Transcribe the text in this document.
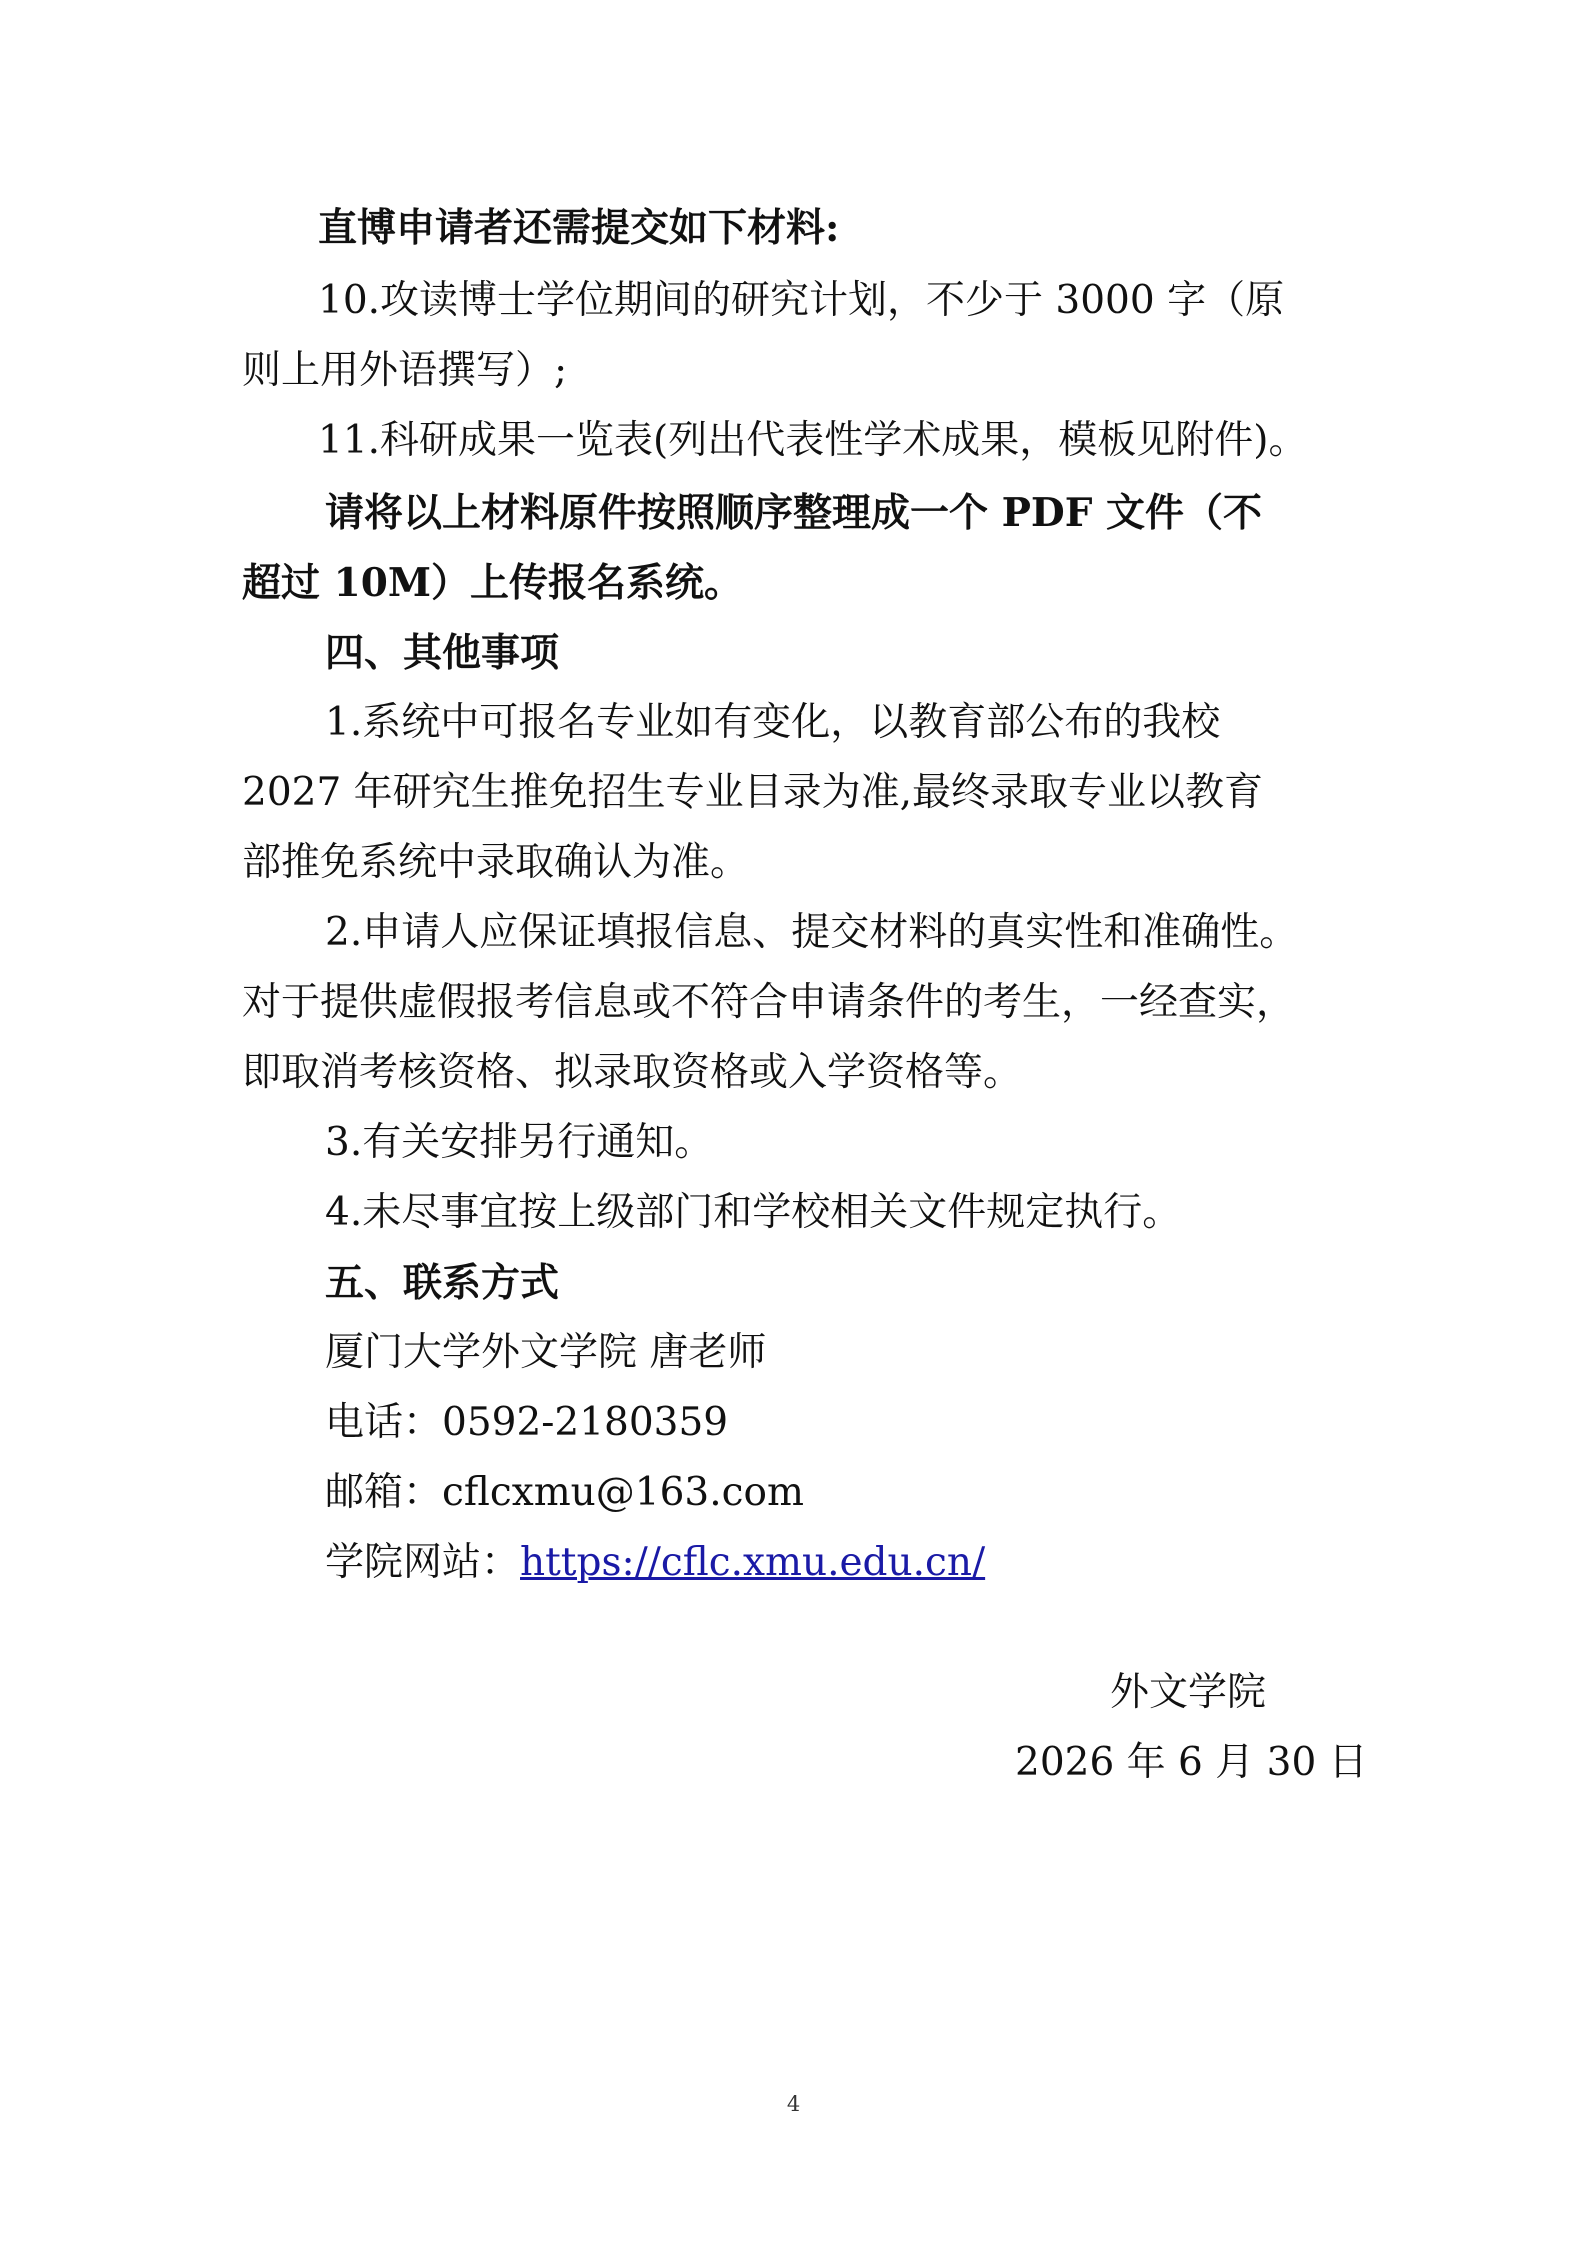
直博申请者还需提交如下材料:
10.攻读博士学位期间的研究计划，不少于 3000 字（原
则上用外语撰写）;
11.科研成果一览表(列出代表性学术成果，模板见附件)。
请将以上材料原件按照顺序整理成一个 PDF 文件（不
超过 10M）上传报名系统。
四、其他事项
1.系统中可报名专业如有变化，以教育部公布的我校
2027 年研究生推免招生专业目录为准,最终录取专业以教育
部推免系统中录取确认为准。
2.申请人应保证填报信息、提交材料的真实性和准确性。
对于提供虚假报考信息或不符合申请条件的考生，一经查实，
即取消考核资格、拟录取资格或入学资格等。
3.有关安排另行通知。
4.未尽事宜按上级部门和学校相关文件规定执行。
五、联系方式
厦门大学外文学院 唐老师
电话：0592-2180359
邮箱：cflcxmu@163.com
学院网站：https://cflc.xmu.edu.cn/
外文学院
2026 年 6 月 30 日
4
